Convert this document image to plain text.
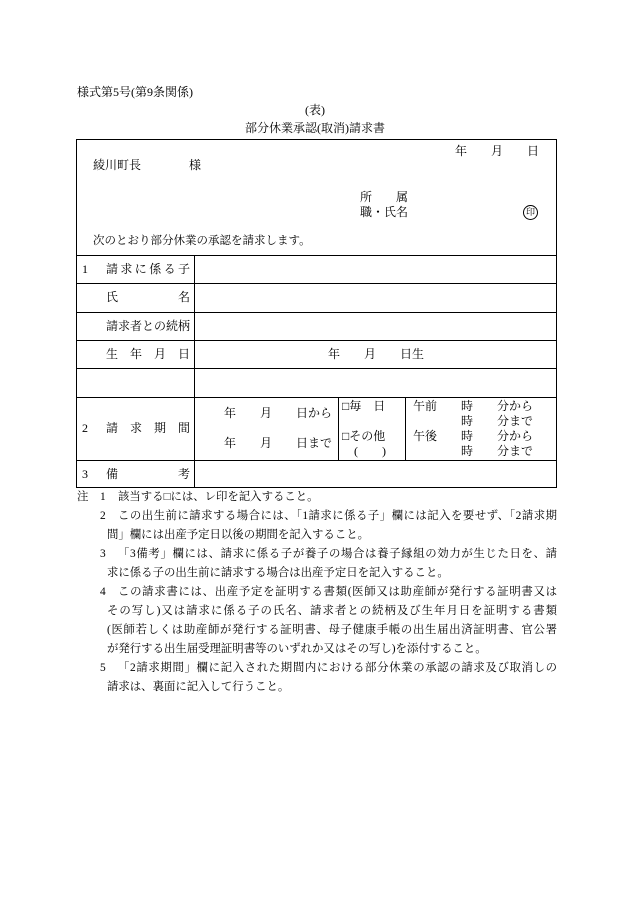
様式第5号(第9条関係)
(表)
部分休業承認(取消)請求書
年　　月　　日
綾川町長　　　　様
所　　属
職・氏名	印
次のとおり部分休業の承認を請求します。
1 請求に係る子
氏　　　　名
請求者との続柄
生　年　月　日	年　　月　　日生
2 請　求　期　間
年　　月　　日から
年　　月　　日まで
□毎　日
□その他
(　　)
午前　　時　　分から
時　　分まで
午後　　時　　分から
時　　分まで
3 備　　　　考
注 1 該当する□には、レ印を記入すること。
2 この出生前に請求する場合には、「1請求に係る子」欄には記入を要せず、「2請求期
間」欄には出産予定日以後の期間を記入すること。
3 「3備考」欄には、請求に係る子が養子の場合は養子縁組の効力が生じた日を、請
求に係る子の出生前に請求する場合は出産予定日を記入すること。
4 この請求書には、出産予定を証明する書類(医師又は助産師が発行する証明書又は
その写し)又は請求に係る子の氏名、請求者との続柄及び生年月日を証明する書類
(医師若しくは助産師が発行する証明書、母子健康手帳の出生届出済証明書、官公署
が発行する出生届受理証明書等のいずれか又はその写し)を添付すること。
5 「2請求期間」欄に記入された期間内における部分休業の承認の請求及び取消しの
請求は、裏面に記入して行うこと。
